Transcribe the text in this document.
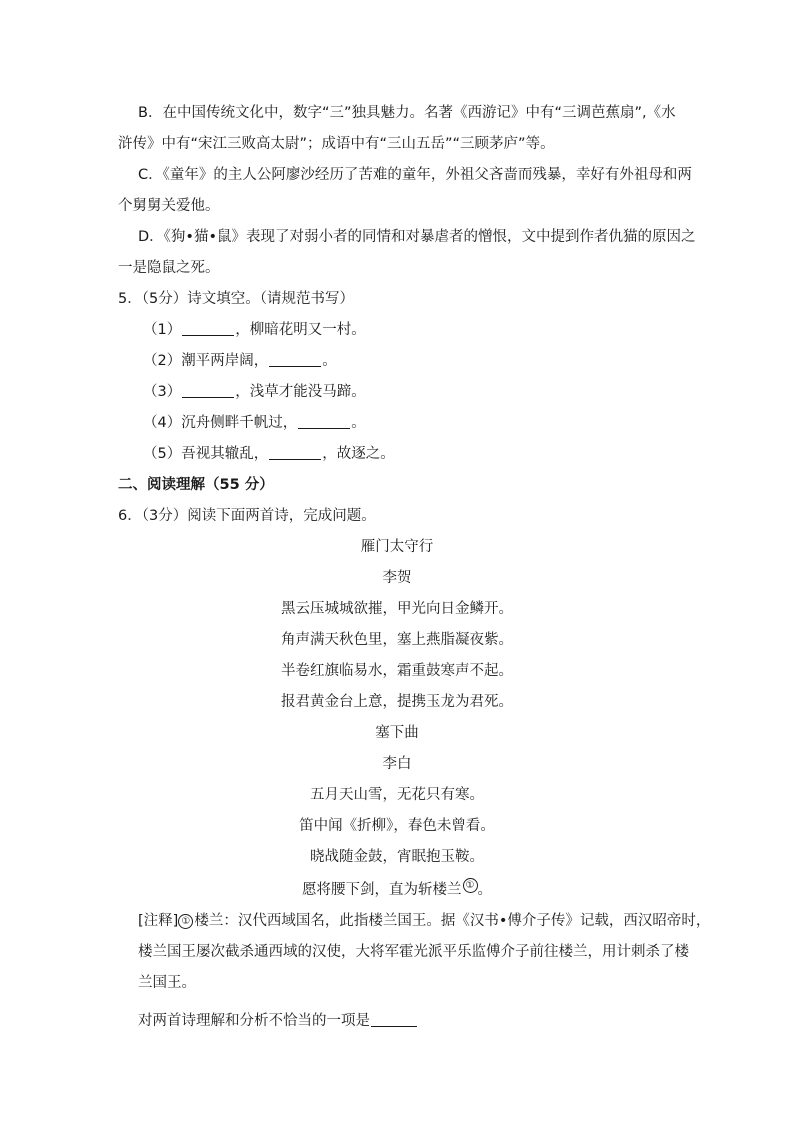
B．在中国传统文化中，数字“三”独具魅力。名著《西游记》中有“三调芭蕉扇”,《水
浒传》中有“宋江三败高太尉”；成语中有“三山五岳”“三顾茅庐”等。
C．《童年》的主人公阿廖沙经历了苦难的童年，外祖父吝啬而残暴，幸好有外祖母和两
个舅舅关爱他。
D．《狗•猫•鼠》表现了对弱小者的同情和对暴虐者的憎恨，文中提到作者仇猫的原因之
一是隐鼠之死。
5．（5分）诗文填空。（请规范书写）
（1）	，柳暗花明又一村。
（2）潮平两岸阔，	。
（3）	，浅草才能没马蹄。
（4）沉舟侧畔千帆过，	。
（5）吾视其辙乱，	，故逐之。
二、阅读理解（55 分）
6．（3分）阅读下面两首诗，完成问题。
雁门太守行
李贺
黑云压城城欲摧，甲光向日金鳞开。
角声满天秋色里，塞上燕脂凝夜紫。
半卷红旗临易水，霜重鼓寒声不起。
报君黄金台上意，提携玉龙为君死。
塞下曲
李白
五月天山雪，无花只有寒。
笛中闻《折柳》，春色未曾看。
晓战随金鼓，宵眠抱玉鞍。
愿将腰下剑，直为斩楼兰 ① 。
[注释] ① 楼兰：汉代西域国名，此指楼兰国王。据《汉书•傅介子传》记载，西汉昭帝时，
楼兰国王屡次截杀通西域的汉使，大将军霍光派平乐监傅介子前往楼兰，用计刺杀了楼
兰国王。
对两首诗理解和分析不恰当的一项是
